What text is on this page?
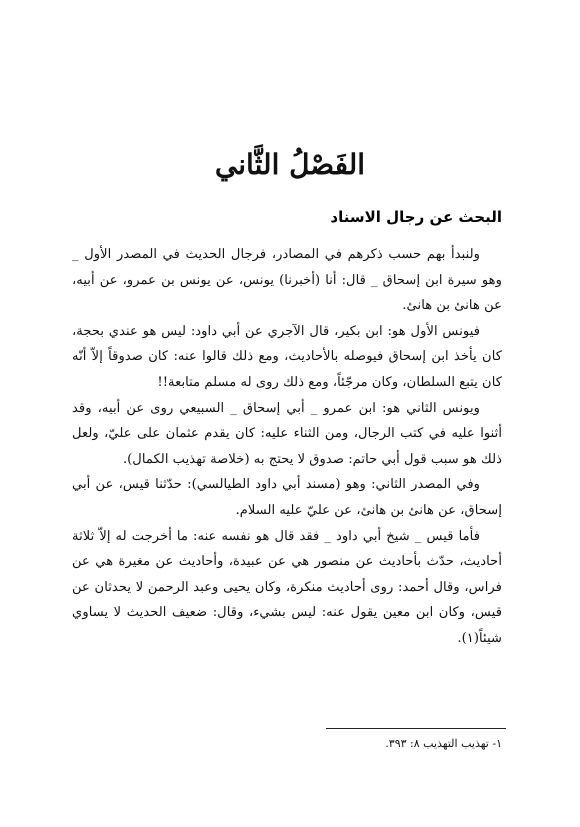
الفَصْلُ الثَّاني
البحث عن رجال الاسناد

ولنبدأ بهم حسب ذكرهم في المصادر، فرجال الحديث في المصدر الأول _ وهو سيرة ابن إسحاق _ قال: أنا (أخبرنا) يونس، عن يونس بن عمرو، عن أبيه، عن هانئ بن هانئ.

فيونس الأول هو: ابن بكير، قال الآجري عن أبي داود: ليس هو عندي بحجة، كان يأخذ ابن إسحاق فيوصله بالأحاديث، ومع ذلك قالوا عنه: كان صدوقاً إلاّ أنّه كان يتبع السلطان، وكان مرجّئاً، ومع ذلك روى له مسلم متابعة!!

ويونس الثاني هو: ابن عمرو _ أبي إسحاق _ السبيعي روى عن أبيه، وقد أثنوا عليه في كتب الرجال، ومن الثناء عليه: كان يقدم عثمان على عليّ، ولعل ذلك هو سبب قول أبي حاتم: صدوق لا يحتج به (خلاصة تهذيب الكمال).

وفي المصدر الثاني: وهو (مسند أبي داود الطيالسي): حدّثنا قيس، عن أبي إسحاق، عن هانئ بن هانئ، عن عليّ عليه السلام.

فأما قيس _ شيخ أبي داود _ فقد قال هو نفسه عنه: ما أخرجت له إلاّ ثلاثة أحاديث، حدّث بأحاديث عن منصور هي عن عبيدة، وأحاديث عن مغيرة هي عن فراس، وقال أحمد: روى أحاديث منكرة، وكان يحيى وعبد الرحمن لا يحدثان عن قيس، وكان ابن معين يقول عنه: ليس بشيء، وقال: ضعيف الحديث لا يساوي شيئاً(١).

١- تهذيب التهذيب ٨: ٣٩٣.
